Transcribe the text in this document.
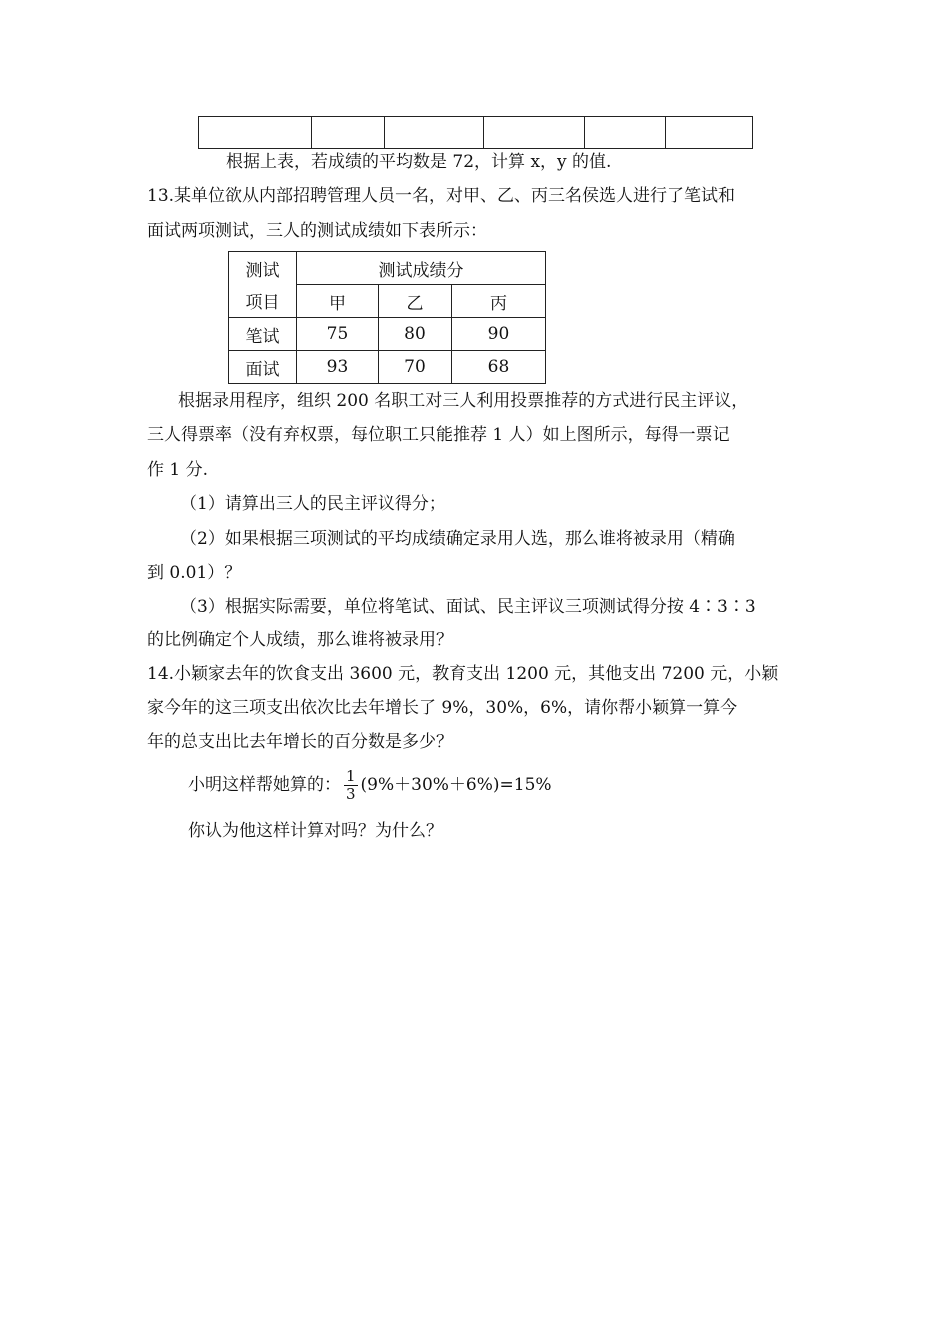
根据上表，若成绩的平均数是 72，计算 x，y 的值.
13.某单位欲从内部招聘管理人员一名，对甲、乙、丙三名侯选人进行了笔试和
面试两项测试，三人的测试成绩如下表所示：
测试	测试成绩分		
项目	甲	乙	丙
笔试	75	80	90
面试	93	70	68
根据录用程序，组织 200 名职工对三人利用投票推荐的方式进行民主评议，
三人得票率（没有弃权票，每位职工只能推荐 1 人）如上图所示，每得一票记
作 1 分.
（1）请算出三人的民主评议得分；
（2）如果根据三项测试的平均成绩确定录用人选，那么谁将被录用（精确
到 0.01）？
（3）根据实际需要，单位将笔试、面试、民主评议三项测试得分按 4∶3∶3
的比例确定个人成绩，那么谁将被录用？
14.小颖家去年的饮食支出 3600 元，教育支出 1200 元，其他支出 7200 元，小颖
家今年的这三项支出依次比去年增长了 9%，30%，6%，请你帮小颖算一算今
年的总支出比去年增长的百分数是多少？
小明这样帮她算的： $\frac{1}{3} (9\%+30\%+6\%)=15\%$
你认为他这样计算对吗？为什么？
